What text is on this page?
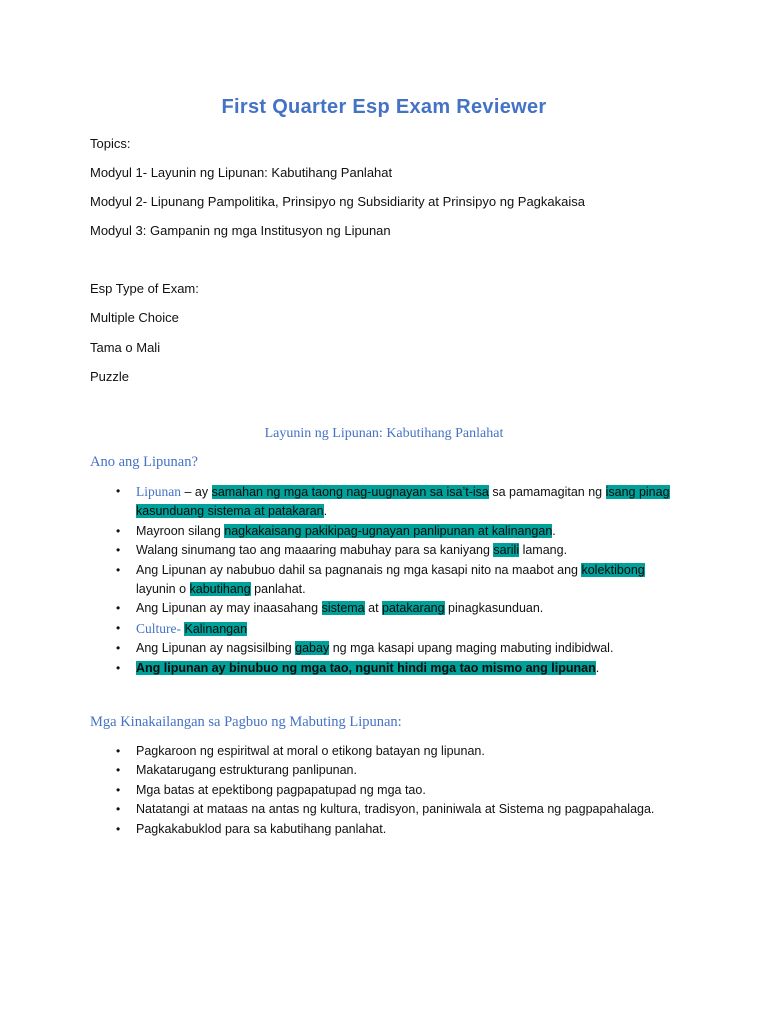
First Quarter Esp Exam Reviewer
Topics:
Modyul 1- Layunin ng Lipunan: Kabutihang Panlahat
Modyul 2- Lipunang Pampolitika, Prinsipyo ng Subsidiarity at Prinsipyo ng Pagkakaisa
Modyul 3: Gampanin ng mga Institusyon ng Lipunan
Esp Type of Exam:
Multiple Choice
Tama o Mali
Puzzle
Layunin ng Lipunan: Kabutihang Panlahat
Ano ang Lipunan?
• Lipunan – ay samahan ng mga taong nag-uugnayan sa isa’t-isa sa pamamagitan ng isang pinag
kasunduang sistema at patakaran.
• Mayroon silang nagkakaisang pakikipag-ugnayan panlipunan at kalinangan.
• Walang sinumang tao ang maaaring mabuhay para sa kaniyang sarili lamang.
• Ang Lipunan ay nabubuo dahil sa pagnanais ng mga kasapi nito na maabot ang kolektibong
layunin o kabutihang panlahat.
• Ang Lipunan ay may inaasahang sistema at patakarang pinagkasunduan.
• Culture- Kalinangan
• Ang Lipunan ay nagsisilbing gabay ng mga kasapi upang maging mabuting indibidwal.
• Ang lipunan ay binubuo ng mga tao, ngunit hindi mga tao mismo ang lipunan.
Mga Kinakailangan sa Pagbuo ng Mabuting Lipunan:
• Pagkaroon ng espiritwal at moral o etikong batayan ng lipunan.
• Makatarugang estrukturang panlipunan.
• Mga batas at epektibong pagpapatupad ng mga tao.
• Natatangi at mataas na antas ng kultura, tradisyon, paniniwala at Sistema ng pagpapahalaga.
• Pagkakabuklod para sa kabutihang panlahat.
